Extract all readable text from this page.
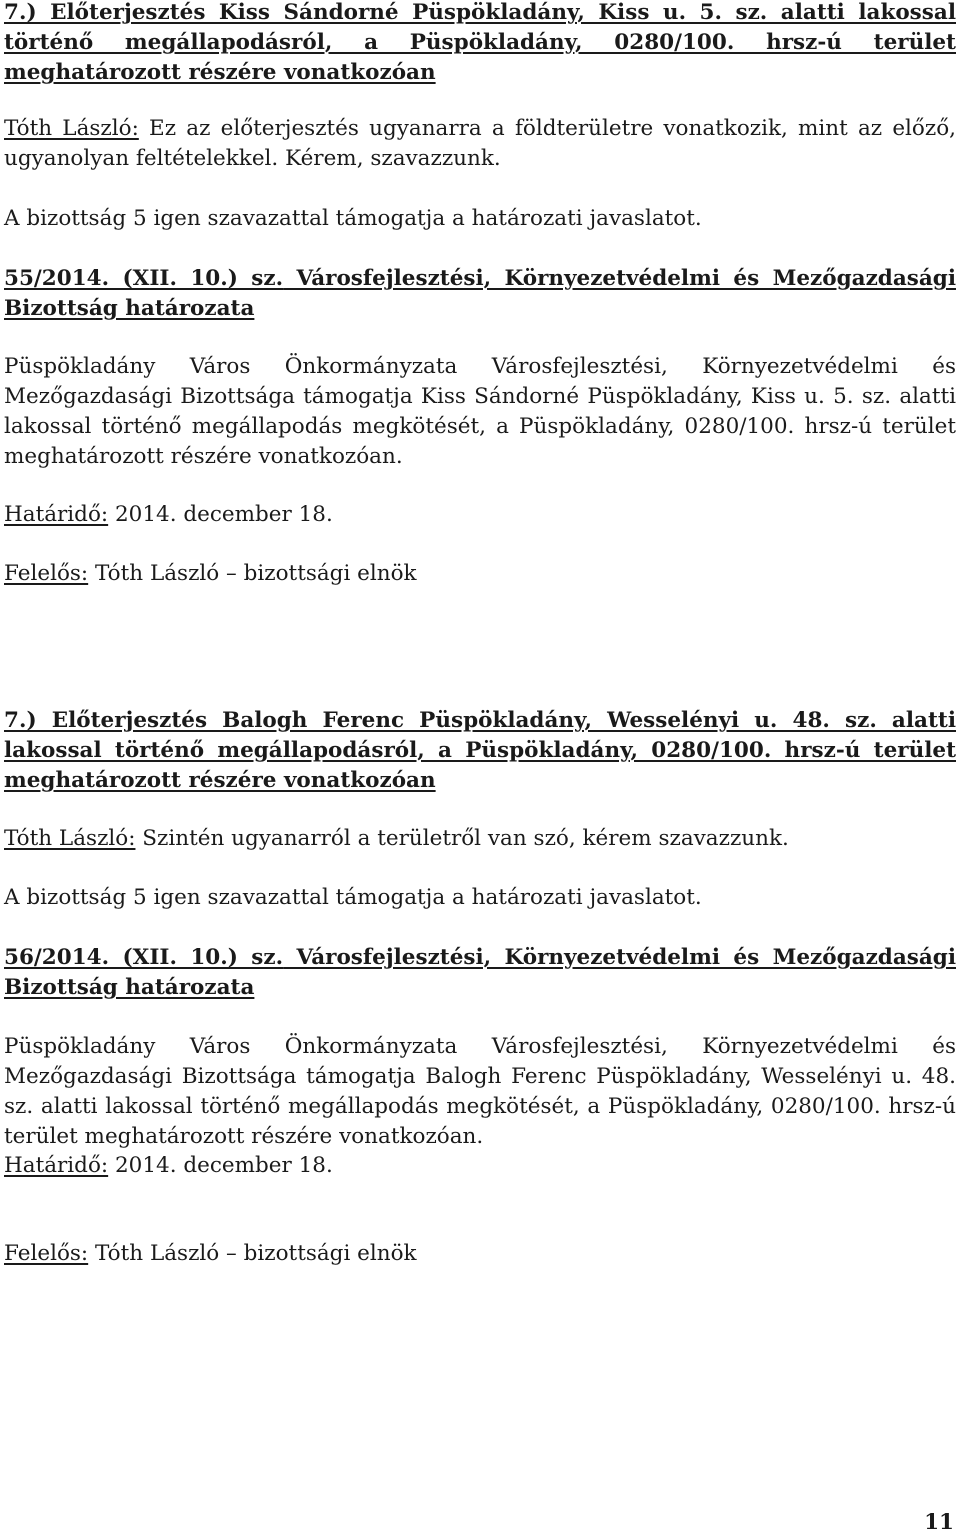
7.) Előterjesztés Kiss Sándorné Püspökladány, Kiss u. 5. sz. alatti lakossal történő megállapodásról, a Püspökladány, 0280/100. hrsz-ú terület meghatározott részére vonatkozóan

Tóth László: Ez az előterjesztés ugyanarra a földterületre vonatkozik, mint az előző, ugyanolyan feltételekkel. Kérem, szavazzunk.

A bizottság 5 igen szavazattal támogatja a határozati javaslatot.

55/2014. (XII. 10.) sz. Városfejlesztési, Környezetvédelmi és Mezőgazdasági Bizottság határozata

Püspökladány Város Önkormányzata Városfejlesztési, Környezetvédelmi és Mezőgazdasági Bizottsága támogatja Kiss Sándorné Püspökladány, Kiss u. 5. sz. alatti lakossal történő megállapodás megkötését, a Püspökladány, 0280/100. hrsz-ú terület meghatározott részére vonatkozóan.

Határidő: 2014. december 18.

Felelős: Tóth László – bizottsági elnök

7.) Előterjesztés Balogh Ferenc Püspökladány, Wesselényi u. 48. sz. alatti lakossal történő megállapodásról, a Püspökladány, 0280/100. hrsz-ú terület meghatározott részére vonatkozóan

Tóth László: Szintén ugyanarról a területről van szó, kérem szavazzunk.

A bizottság 5 igen szavazattal támogatja a határozati javaslatot.

56/2014. (XII. 10.) sz. Városfejlesztési, Környezetvédelmi és Mezőgazdasági Bizottság határozata

Püspökladány Város Önkormányzata Városfejlesztési, Környezetvédelmi és Mezőgazdasági Bizottsága támogatja Balogh Ferenc Püspökladány, Wesselényi u. 48. sz. alatti lakossal történő megállapodás megkötését, a Püspökladány, 0280/100. hrsz-ú terület meghatározott részére vonatkozóan.

Határidő: 2014. december 18.

Felelős: Tóth László – bizottsági elnök

11
